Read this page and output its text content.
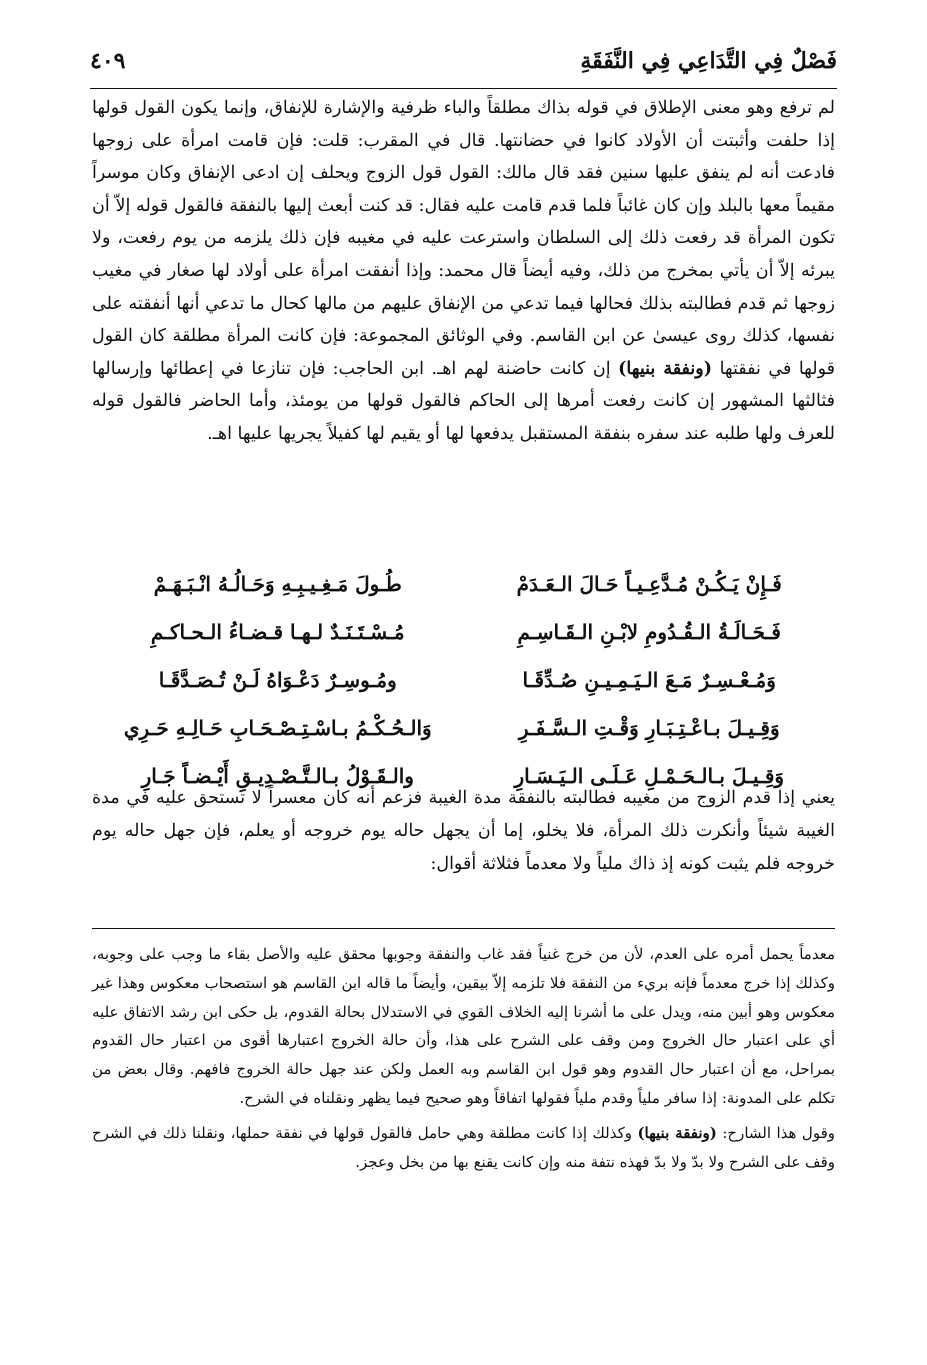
فَصْلٌ فِي التَّدَاعِي فِي النَّفَقَةِ
٤٠٩

لم ترفع وهو معنى الإطلاق في قوله بذاك مطلقاً والباء ظرفية والإشارة للإنفاق، وإنما يكون القول قولها إذا حلفت وأثبتت أن الأولاد كانوا في حضانتها. قال في المقرب: قلت: فإن قامت امرأة على زوجها فادعت أنه لم ينفق عليها سنين فقد قال مالك: القول قول الزوج ويحلف إن ادعى الإنفاق وكان موسراً مقيماً معها بالبلد وإن كان غائباً فلما قدم قامت عليه فقال: قد كنت أبعث إليها بالنفقة فالقول قوله إلاّ أن تكون المرأة قد رفعت ذلك إلى السلطان واسترعت عليه في مغيبه فإن ذلك يلزمه من يوم رفعت، ولا يبرئه إلاّ أن يأتي بمخرج من ذلك، وفيه أيضاً قال محمد: وإذا أنفقت امرأة على أولاد لها صغار في مغيب زوجها ثم قدم فطالبته بذلك فحالها فيما تدعي من الإنفاق عليهم من مالها كحال ما تدعي أنها أنفقته على نفسها، كذلك روى عيسىٰ عن ابن القاسم. وفي الوثائق المجموعة: فإن كانت المرأة مطلقة كان القول قولها في نفقتها (ونفقة بنيها) إن كانت حاضنة لهم اهـ. ابن الحاجب: فإن تنازعا في إعطائها وإرسالها فثالثها المشهور إن كانت رفعت أمرها إلى الحاكم فالقول قولها من يومئذ، وأما الحاضر فالقول قوله للعرف ولها طلبه عند سفره بنفقة المستقبل يدفعها لها أو يقيم لها كفيلاً يجريها عليها اهـ.

فَـإِنْ يَـكُـنْ مُـدَّعِـيـاً حَـالَ الـعَـدَمْ
طُـولَ مَـغِـيـبِـهِ وَحَـالُـهُ انْـبَـهَـمْ
فَـحَـالَـةُ الـقُـدُومِ لابْـنِ الـقَـاسِـمِ
مُـسْـتَـنَـدٌ لـهـا قـضـاءُ الـحـاكـمِ
وَمُـعْـسِـرٌ مَـعَ الـيَـمِـيـنِ صُـدِّقَـا
ومُـوسِـرٌ دَعْـوَاهُ لَـنْ تُـصَـدَّقَـا
وَقِـيـلَ بـاعْـتِـبَـارِ وَقْـتِ الـسَّـفَـرِ
وَالـحُـكْـمُ بـاسْـتِـصْـحَـابِ حَـالِـهِ حَـرِي
وَقِـيـلَ بـالـحَـمْـلِ عَـلَـى الـيَـسَـارِ
والـقَـوْلُ بـالـتَّـصْـدِيـقِ أَيْـضـاً جَـارِ

يعني إذا قدم الزوج من مغيبه فطالبته بالنفقة مدة الغيبة فزعم أنه كان معسراً لا تستحق عليه في مدة الغيبة شيئاً وأنكرت ذلك المرأة، فلا يخلو، إما أن يجهل حاله يوم خروجه أو يعلم، فإن جهل حاله يوم خروجه فلم يثبت كونه إذ ذاك ملياً ولا معدماً فثلاثة أقوال:

معدماً يحمل أمره على العدم، لأن من خرج غنياً فقد غاب والنفقة وجوبها محقق عليه والأصل بقاء ما وجب على وجوبه، وكذلك إذا خرج معدماً فإنه بريء من النفقة فلا تلزمه إلاّ بيقين، وأيضاً ما قاله ابن القاسم هو استصحاب معكوس وهذا غير معكوس وهو أبين منه، ويدل على ما أشرنا إليه الخلاف القوي في الاستدلال بحالة القدوم، بل حكى ابن رشد الاتفاق عليه أي على اعتبار حال الخروج ومن وقف على الشرح على هذا، وأن حالة الخروج اعتبارها أقوى من اعتبار حال القدوم بمراحل، مع أن اعتبار حال القدوم وهو قول ابن القاسم وبه العمل ولكن عند جهل حالة الخروج فافهم. وقال بعض من تكلم على المدونة: إذا سافر ملياً وقدم ملياً فقولها اتفاقاً وهو صحيح فيما يظهر ونقلناه في الشرح.

وقول هذا الشارح: (ونفقة بنيها) وكذلك إذا كانت مطلقة وهي حامل فالقول قولها في نفقة حملها، ونقلنا ذلك في الشرح وقف على الشرح ولا بدّ ولا بدّ فهذه نتفة منه وإن كانت يقنع بها من بخل وعجز.
